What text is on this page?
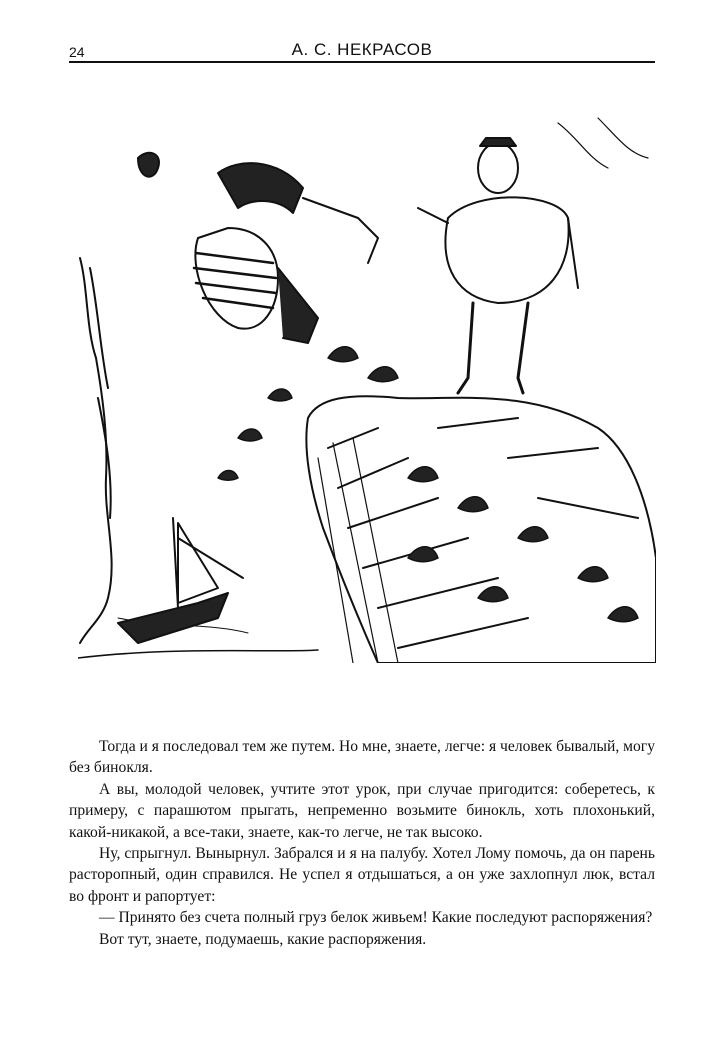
24	А. С. НЕКРАСОВ

Тогда и я последовал тем же путем. Но мне, знаете, легче: я человек бывалый, могу без бинокля.

А вы, молодой человек, учтите этот урок, при случае пригодится: соберетесь, к примеру, с парашютом прыгать, непременно возьмите бинокль, хоть плохонький, какой-никакой, а все-таки, знаете, как-то легче, не так высоко.

Ну, спрыгнул. Вынырнул. Забрался и я на палубу. Хотел Лому помочь, да он парень расторопный, один справился. Не успел я отдышаться, а он уже захлопнул люк, встал во фронт и рапортует:

— Принято без счета полный груз белок живьем! Какие последуют распоряжения?

Вот тут, знаете, подумаешь, какие распоряжения.
